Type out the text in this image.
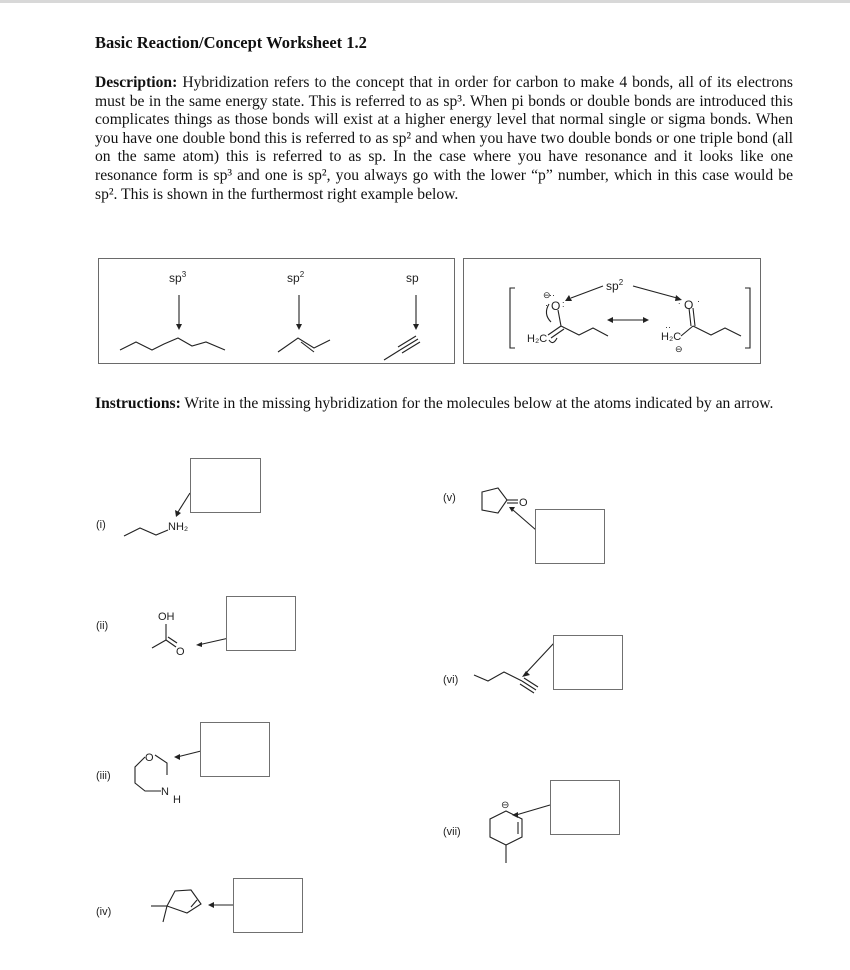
Basic Reaction/Concept Worksheet 1.2
Description: Hybridization refers to the concept that in order for carbon to make 4 bonds, all of its electrons must be in the same energy state. This is referred to as sp³. When pi bonds or double bonds are introduced this complicates things as those bonds will exist at a higher energy level that normal single or sigma bonds. When you have one double bond this is referred to as sp² and when you have two double bonds or one triple bond (all on the same atom) this is referred to as sp. In the case where you have resonance and it looks like one resonance form is sp³ and one is sp², you always go with the lower “p” number, which in this case would be sp². This is shown in the furthermost right example below.
$sp^3$	$sp^2$	sp
$sp^2$
O
⊖
··
:
·
H₂C
O
: ·
H₂C
··
⊖
Instructions: Write in the missing hybridization for the molecules below at the atoms indicated by an arrow.
(i)	NH₂
(ii)
OH
O
(iii)
O
N
H
(iv)
(v)	O
(vi)
(vii)
⊖
